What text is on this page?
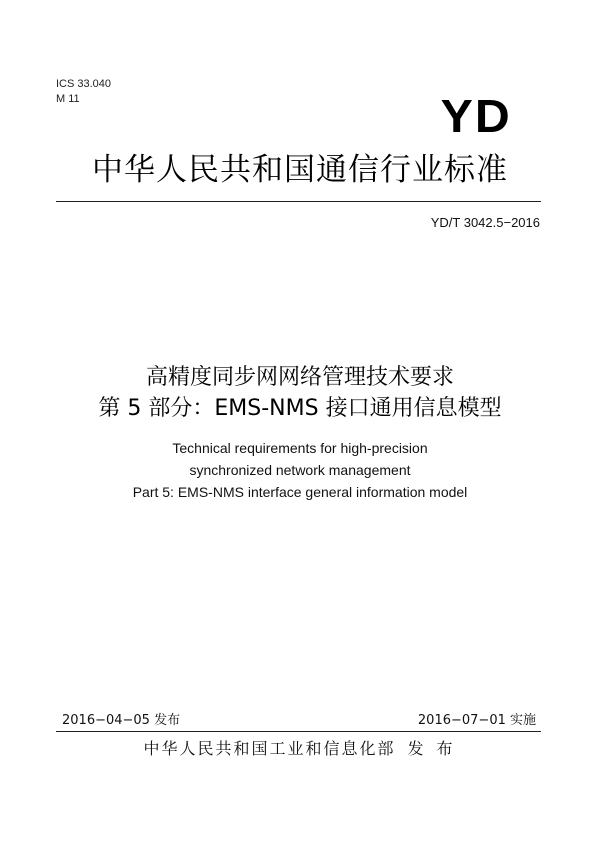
ICS 33.040
M 11	YD
中华人民共和国通信行业标准
YD/T 3042.5−2016
高精度同步网网络管理技术要求
第 5 部分：EMS-NMS 接口通用信息模型
Technical requirements for high-precision
synchronized network management
Part 5: EMS-NMS interface general information model
2016−04−05 发布	2016−07−01 实施
中华人民共和国工业和信息化部 发 布
